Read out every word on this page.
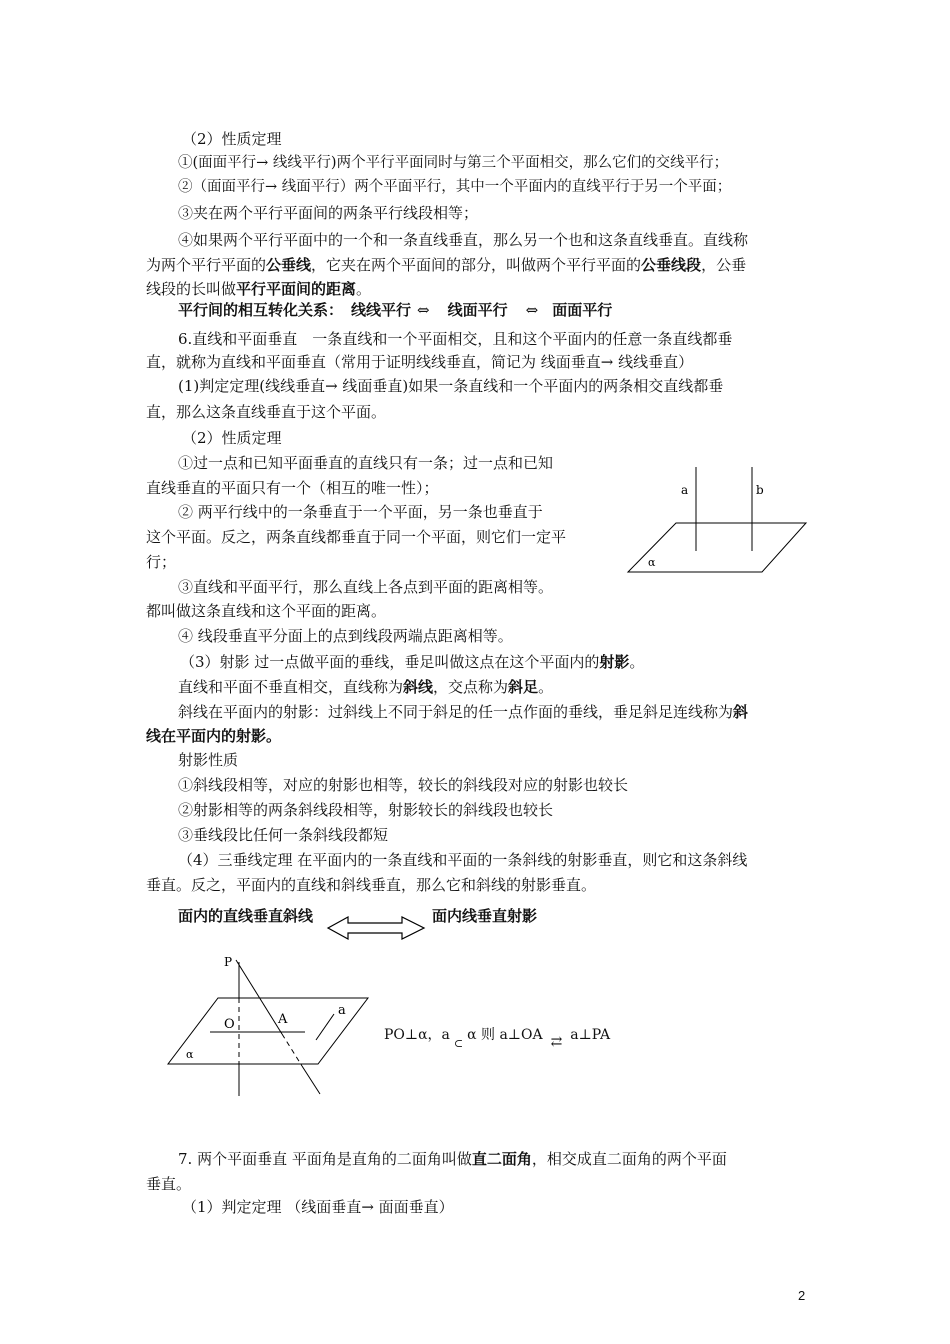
（2）性质定理
①(面面平行→ 线线平行)两个平行平面同时与第三个平面相交，那么它们的交线平行；
②（面面平行→ 线面平行）两个平面平行，其中一个平面内的直线平行于另一个平面；
③夹在两个平行平面间的两条平行线段相等；
④如果两个平行平面中的一个和一条直线垂直，那么另一个也和这条直线垂直。直线称
为两个平行平面的公垂线，它夹在两个平面间的部分，叫做两个平行平面的公垂线段，公垂
线段的长叫做平行平面间的距离。
平行间的相互转化关系： 线线平行 ⇔ 线面平行 ⇔ 面面平行
6.直线和平面垂直　一条直线和一个平面相交，且和这个平面内的任意一条直线都垂
直，就称为直线和平面垂直（常用于证明线线垂直，简记为 线面垂直→ 线线垂直）
(1)判定定理(线线垂直→ 线面垂直)如果一条直线和一个平面内的两条相交直线都垂
直，那么这条直线垂直于这个平面。
（2）性质定理
①过一点和已知平面垂直的直线只有一条；过一点和已知
直线垂直的平面只有一个（相互的唯一性）；
② 两平行线中的一条垂直于一个平面，另一条也垂直于
这个平面。反之，两条直线都垂直于同一个平面，则它们一定平
行；
③直线和平面平行，那么直线上各点到平面的距离相等。
都叫做这条直线和这个平面的距离。
④ 线段垂直平分面上的点到线段两端点距离相等。
（3）射影 过一点做平面的垂线，垂足叫做这点在这个平面内的射影。
直线和平面不垂直相交，直线称为斜线，交点称为斜足。
斜线在平面内的射影：过斜线上不同于斜足的任一点作面的垂线，垂足斜足连线称为斜
线在平面内的射影。
射影性质
①斜线段相等，对应的射影也相等，较长的斜线段对应的射影也较长
②射影相等的两条斜线段相等，射影较长的斜线段也较长
③垂线段比任何一条斜线段都短
（4）三垂线定理 在平面内的一条直线和平面的一条斜线的射影垂直，则它和这条斜线
垂直。反之，平面内的直线和斜线垂直，那么它和斜线的射影垂直。
面内的直线垂直斜线	面内线垂直射影
7. 两个平面垂直 平面角是直角的二面角叫做直二面角，相交成直二面角的两个平面
垂直。
（1）判定定理 （线面垂直→ 面面垂直）
a	b
α
P
O	A
a
α
PO⊥α，$a_\subset\alpha$ 则 a⊥OA ⇄ a⊥PA
2
